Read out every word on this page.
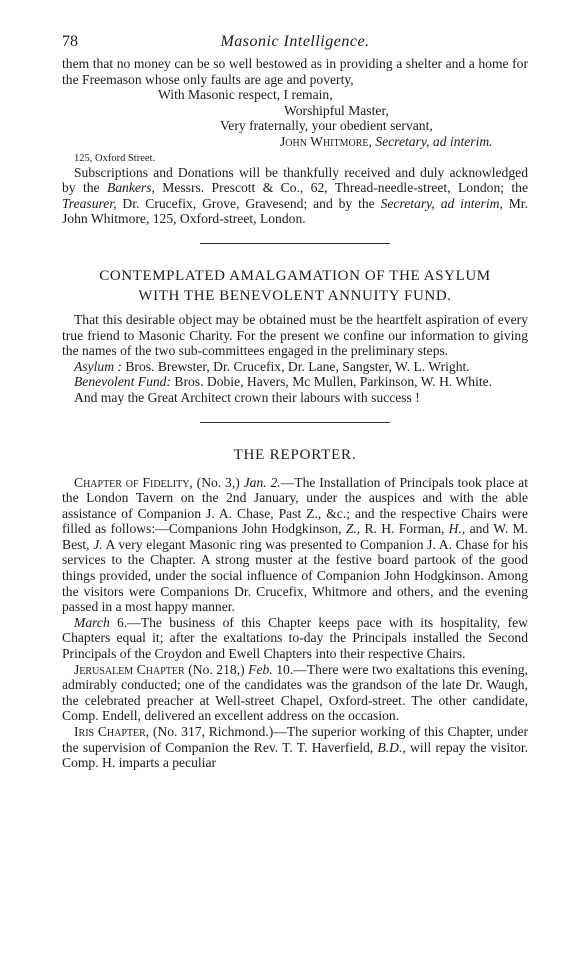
78	Masonic Intelligence.

them that no money can be so well bestowed as in providing a shelter and a home for the Freemason whose only faults are age and poverty,

With Masonic respect, I remain,
Worshipful Master,
Very fraternally, your obedient servant,
John Whitmore, Secretary, ad interim.
125, Oxford Street.

Subscriptions and Donations will be thankfully received and duly acknowledged by the Bankers, Messrs. Prescott & Co., 62, Thread-needle-street, London; the Treasurer, Dr. Crucefix, Grove, Gravesend; and by the Secretary, ad interim, Mr. John Whitmore, 125, Oxford-street, London.

CONTEMPLATED AMALGAMATION OF THE ASYLUM
WITH THE BENEVOLENT ANNUITY FUND.

That this desirable object may be obtained must be the heartfelt aspiration of every true friend to Masonic Charity. For the present we confine our information to giving the names of the two sub-committees engaged in the preliminary steps.

Asylum : Bros. Brewster, Dr. Crucefix, Dr. Lane, Sangster, W. L. Wright.

Benevolent Fund: Bros. Dobie, Havers, Mc Mullen, Parkinson, W. H. White.

And may the Great Architect crown their labours with success !

THE REPORTER.

Chapter of Fidelity, (No. 3,) Jan. 2.—The Installation of Principals took place at the London Tavern on the 2nd January, under the auspices and with the able assistance of Companion J. A. Chase, Past Z., &c.; and the respective Chairs were filled as follows:—Companions John Hodgkinson, Z., R. H. Forman, H., and W. M. Best, J. A very elegant Masonic ring was presented to Companion J. A. Chase for his services to the Chapter. A strong muster at the festive board partook of the good things provided, under the social influence of Companion John Hodgkinson. Among the visitors were Companions Dr. Crucefix, Whitmore and others, and the evening passed in a most happy manner.

March 6.—The business of this Chapter keeps pace with its hospitality, few Chapters equal it; after the exaltations to-day the Principals installed the Second Principals of the Croydon and Ewell Chapters into their respective Chairs.

Jerusalem Chapter (No. 218,) Feb. 10.—There were two exaltations this evening, admirably conducted; one of the candidates was the grandson of the late Dr. Waugh, the celebrated preacher at Well-street Chapel, Oxford-street. The other candidate, Comp. Endell, delivered an excellent address on the occasion.

Iris Chapter, (No. 317, Richmond.)—The superior working of this Chapter, under the supervision of Companion the Rev. T. T. Haverfield, B.D., will repay the visitor. Comp. H. imparts a peculiar
